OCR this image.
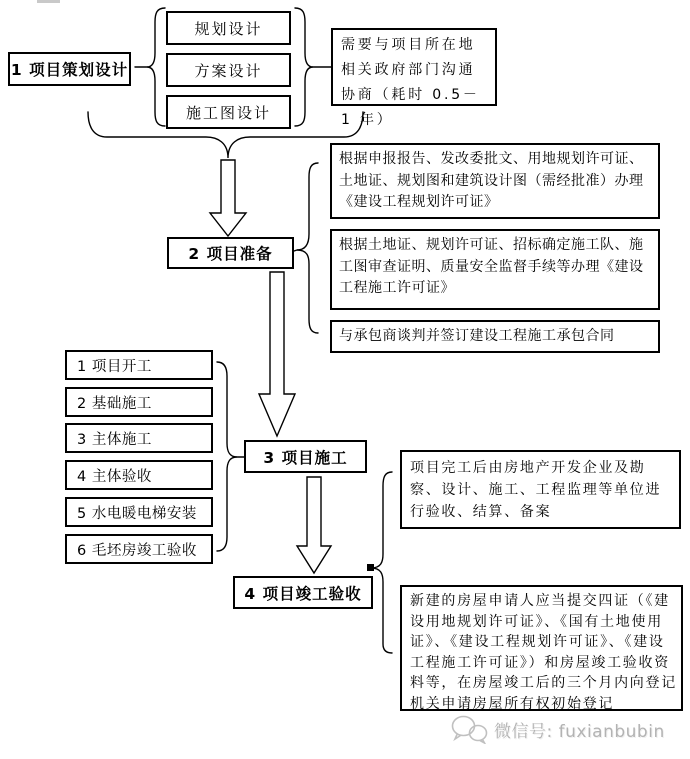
1 项目策划设计
规划设计
方案设计
施工图设计
需要与项目所在地相关政府部门沟通协商（耗时 0.5－1 年）
2 项目准备
根据申报报告、发改委批文、用地规划许可证、土地证、规划图和建筑设计图（需经批准）办理《建设工程规划许可证》
根据土地证、规划许可证、招标确定施工队、施工图审查证明、质量安全监督手续等办理《建设工程施工许可证》
与承包商谈判并签订建设工程施工承包合同
1 项目开工
2 基础施工
3 主体施工
4 主体验收
5 水电暖电梯安装
6 毛坯房竣工验收
3 项目施工
4 项目竣工验收
项目完工后由房地产开发企业及勘察、设计、施工、工程监理等单位进行验收、结算、备案
新建的房屋申请人应当提交四证（《建设用地规划许可证》、《国有土地使用证》、《建设工程规划许可证》、《建设工程施工许可证》）和房屋竣工验收资料等，在房屋竣工后的三个月内向登记机关申请房屋所有权初始登记
微信号: fuxianbubin
